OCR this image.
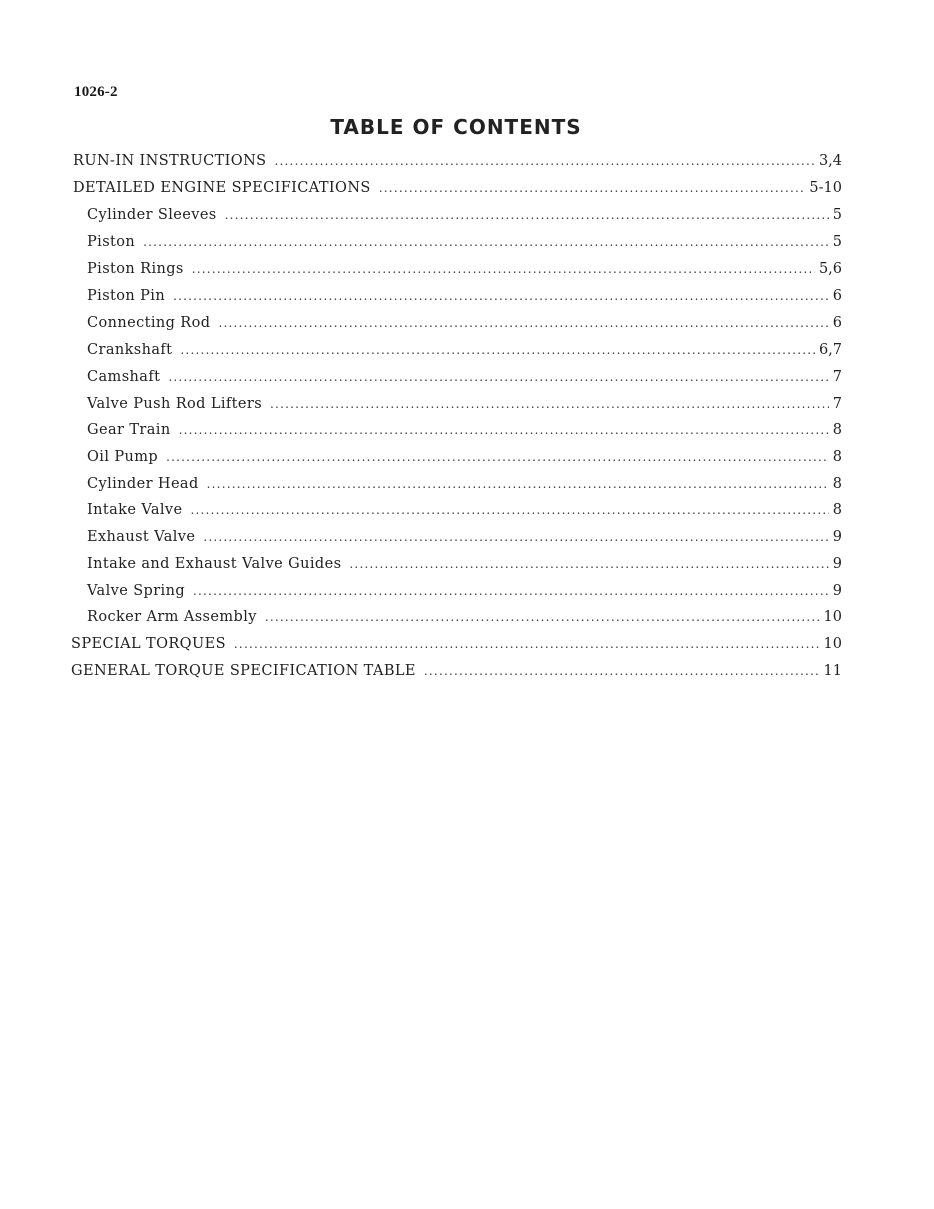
1026-2
TABLE OF CONTENTS
RUN-IN INSTRUCTIONS .....	3,4
DETAILED ENGINE SPECIFICATIONS .....	5-10
Cylinder Sleeves .....	5
Piston .....	5
Piston Rings .....	5,6
Piston Pin .....	6
Connecting Rod .....	6
Crankshaft .....	6,7
Camshaft .....	7
Valve Push Rod Lifters .....	7
Gear Train .....	8
Oil Pump .....	8
Cylinder Head .....	8
Intake Valve .....	8
Exhaust Valve .....	9
Intake and Exhaust Valve Guides .....	9
Valve Spring .....	9
Rocker Arm Assembly .....	10
SPECIAL TORQUES .....	10
GENERAL TORQUE SPECIFICATION TABLE .....	11
